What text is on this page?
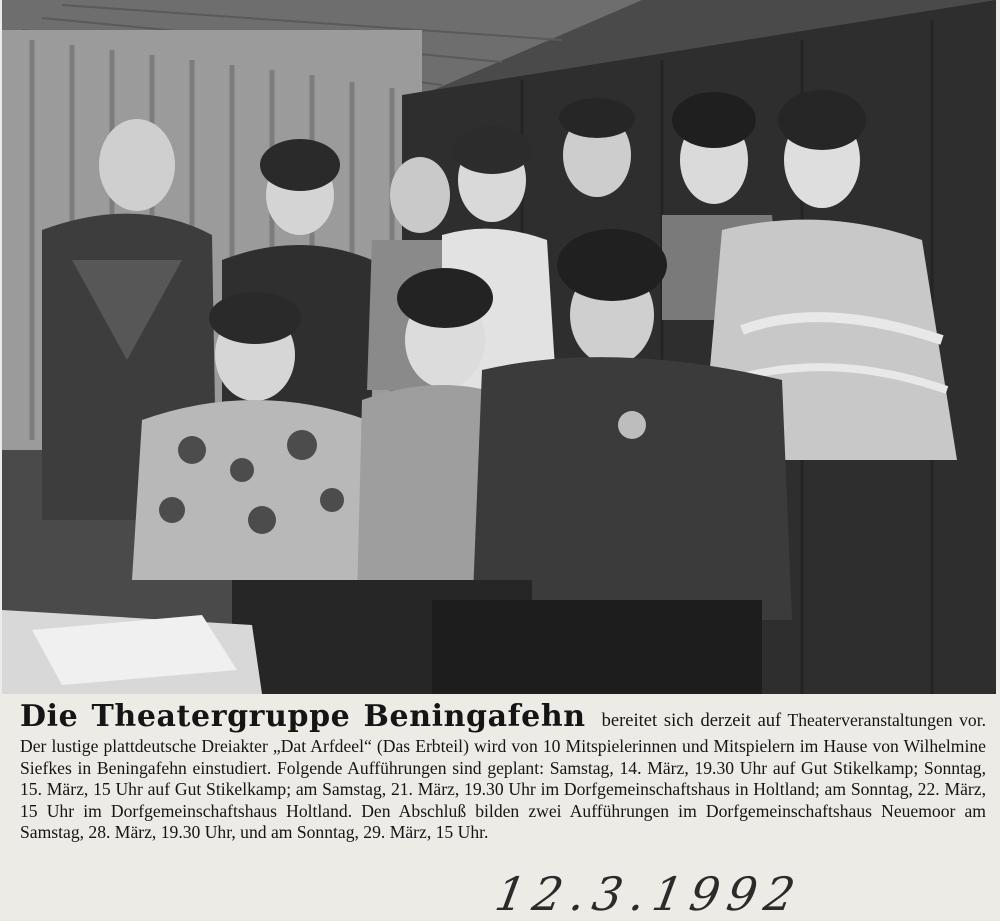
Die Theatergruppe Beningafehn bereitet sich derzeit auf Theaterveranstaltungen vor. Der lustige plattdeutsche Dreiakter „Dat Arfdeel“ (Das Erbteil) wird von 10 Mitspielerinnen und Mitspielern im Hause von Wilhelmine Siefkes in Beningafehn einstudiert. Folgende Aufführungen sind geplant: Samstag, 14. März, 19.30 Uhr auf Gut Stikelkamp; Sonntag, 15. März, 15 Uhr auf Gut Stikelkamp; am Samstag, 21. März, 19.30 Uhr im Dorfgemeinschaftshaus in Holtland; am Sonntag, 22. März, 15 Uhr im Dorfgemeinschaftshaus Holtland. Den Abschluß bilden zwei Aufführungen im Dorfgemeinschaftshaus Neuemoor am Samstag, 28. März, 19.30 Uhr, und am Sonntag, 29. März, 15 Uhr.
12.3.1992
